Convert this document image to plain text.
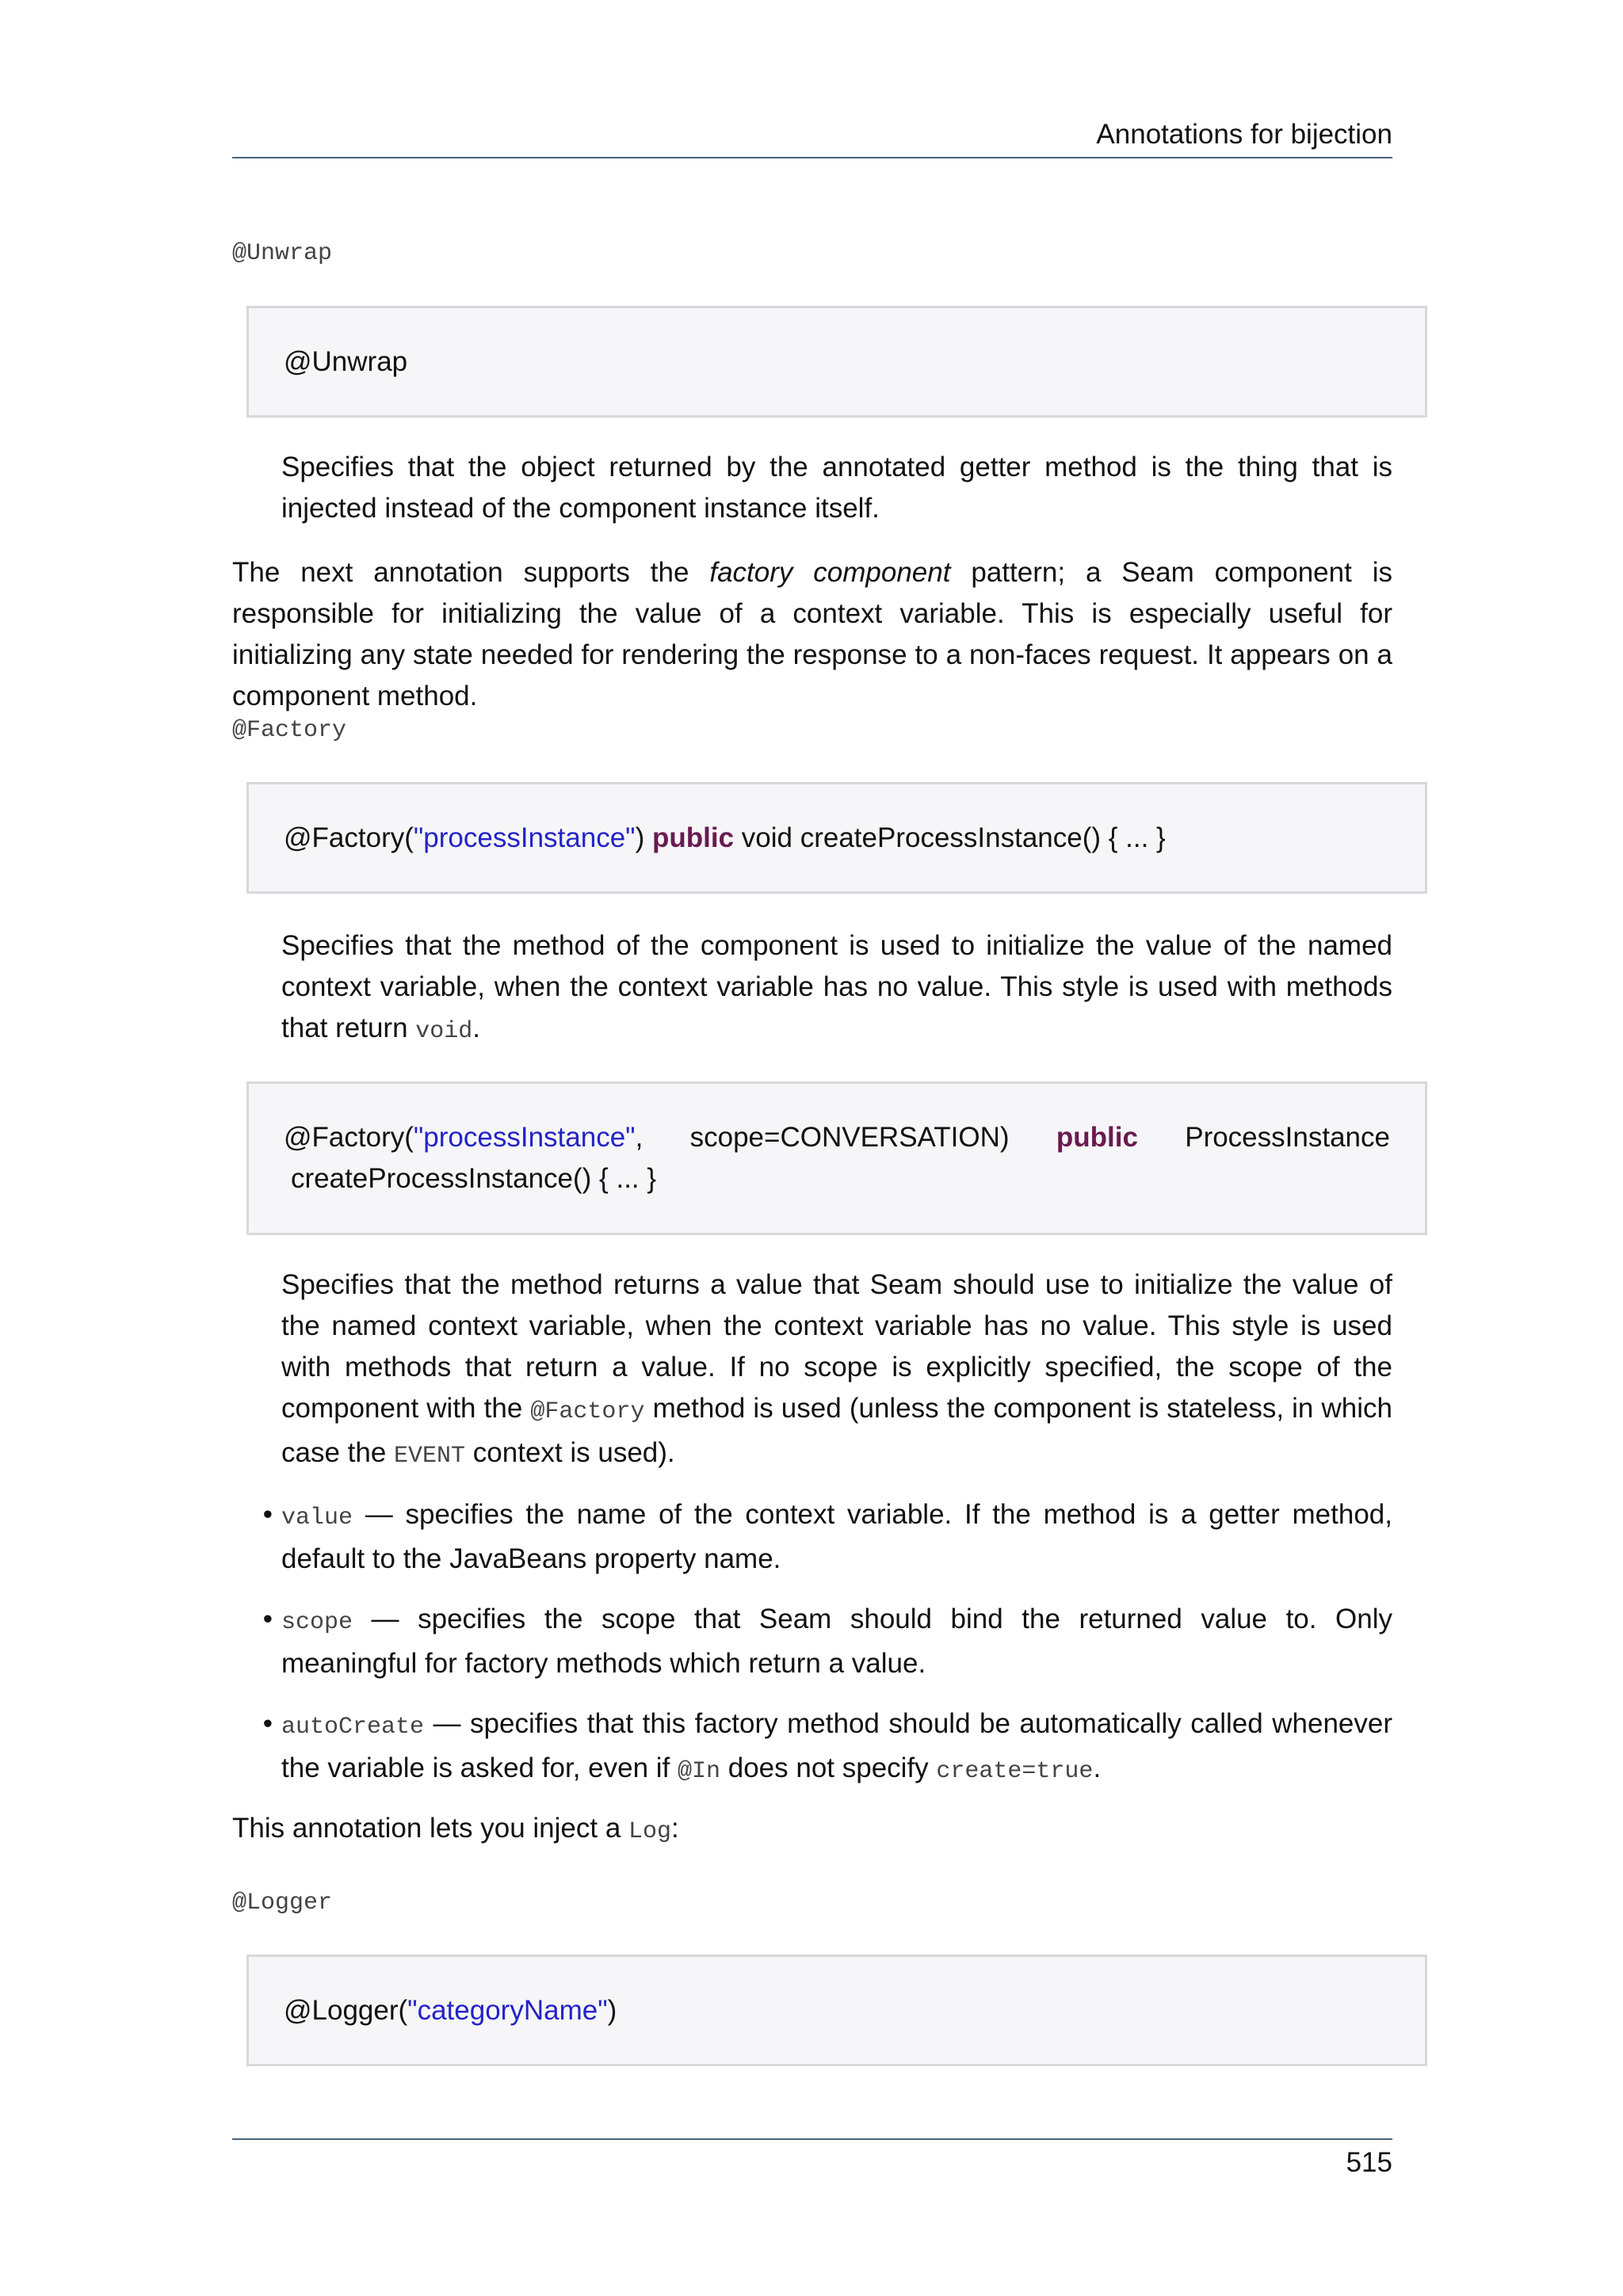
Annotations for bijection
@Unwrap
@Unwrap
Specifies that the object returned by the annotated getter method is the thing that is injected instead of the component instance itself.
The next annotation supports the factory component pattern; a Seam component is responsible for initializing the value of a context variable. This is especially useful for initializing any state needed for rendering the response to a non-faces request. It appears on a component method.
@Factory
@Factory("processInstance") public void createProcessInstance() { ... }
Specifies that the method of the component is used to initialize the value of the named context variable, when the context variable has no value. This style is used with methods that return void.
@Factory("processInstance", scope=CONVERSATION) public ProcessInstance
createProcessInstance() { ... }
Specifies that the method returns a value that Seam should use to initialize the value of the named context variable, when the context variable has no value. This style is used with methods that return a value. If no scope is explicitly specified, the scope of the component with the @Factory method is used (unless the component is stateless, in which case the EVENT context is used).
• value — specifies the name of the context variable. If the method is a getter method, default to the JavaBeans property name.
• scope — specifies the scope that Seam should bind the returned value to. Only meaningful for factory methods which return a value.
• autoCreate — specifies that this factory method should be automatically called whenever the variable is asked for, even if @In does not specify create=true.
This annotation lets you inject a Log:
@Logger
@Logger("categoryName")
515
